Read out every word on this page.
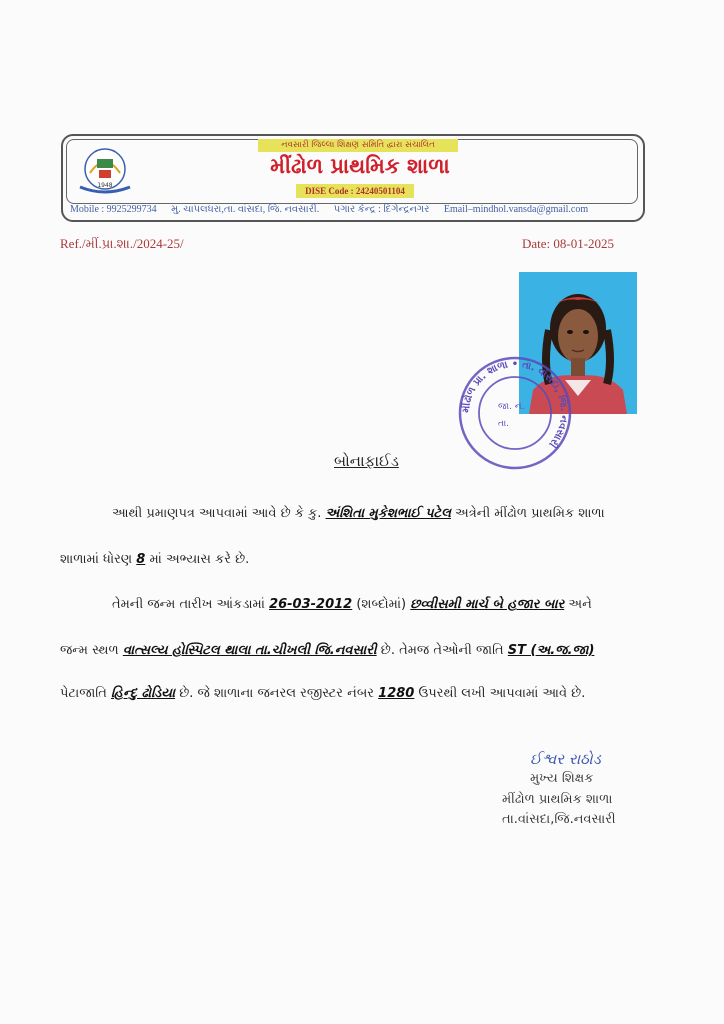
1948
નવસારી જિલ્લા શિક્ષણ સમિતિ દ્વારા સંચાલિત
મીંઢોળ પ્રાથમિક શાળા
DISE Code : 24240501104
Mobile : 9925299734 મુ. ચાપલધરા,તા. વાંસદા, જિ. નવસારી. પગાર કેન્દ્ર : દિગેન્દ્રનગર Email–mindhol.vansda@gmail.com
Ref./મીં.પ્રા.શા./2024-25/	Date: 08-01-2025
મીંઢોળ પ્રા. શાળા • તા. વાંસદા, જિ. નવસારી
જા. નં.
તા.
બોનાફાઈડ
આથી પ્રમાણપત્ર આપવામાં આવે છે કે કુ. અંશિતા મુકેશભાઈ પટેલ અત્રેની મીંઢોળ પ્રાથમિક શાળા
શાળામાં ધોરણ 8 માં અભ્યાસ કરે છે.
તેમની જન્મ તારીખ આંકડામાં 26-03-2012 (શબ્દોમાં) છવ્વીસમી માર્ચ બે હજાર બાર અને
જન્મ સ્થળ વાત્સલ્ય હોસ્પિટલ થાલા તા.ચીખલી જિ.નવસારી છે. તેમજ તેઓની જાતિ ST (અ.જ.જા)
પેટાજાતિ હિન્દુ ઢોડિયા છે. જે શાળાના જનરલ રજીસ્ટર નંબર 1280 ઉપરથી લખી આપવામાં આવે છે.
ઈશ્વર રાઠોડ
મુખ્ય શિક્ષક
મીંઢોળ પ્રાથમિક શાળા
તા.વાંસદા,જિ.નવસારી
